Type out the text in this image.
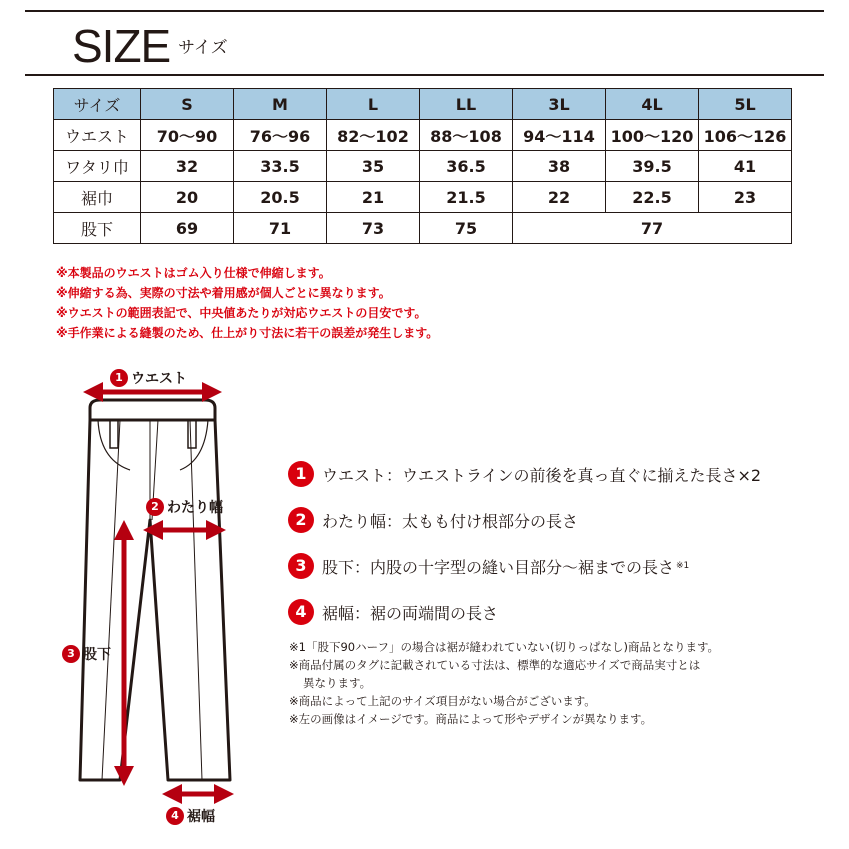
SIZE サイズ
サイズ	S	M	L	LL	3L	4L	5L
ウエスト	70〜90	76〜96	82〜102	88〜108	94〜114	100〜120	106〜126
ワタリ巾	32	33.5	35	36.5	38	39.5	41
裾巾	20	20.5	21	21.5	22	22.5	23
股下	69	71	73	75	77		
※本製品のウエストはゴム入り仕様で伸縮します。
※伸縮する為、実際の寸法や着用感が個人ごとに異なります。
※ウエストの範囲表記で、中央値あたりが対応ウエストの目安です。
※手作業による縫製のため、仕上がり寸法に若干の誤差が発生します。
1 ウエスト
2 わたり幅
3 股下
4 裾幅
1 ウエスト：ウエストラインの前後を真っ直ぐに揃えた長さ×2
2 わたり幅：太もも付け根部分の長さ
3 股下：内股の十字型の縫い目部分〜裾までの長さ ※1
4 裾幅：裾の両端間の長さ
※1「股下90ハーフ」の場合は裾が縫われていない(切りっぱなし)商品となります。
※商品付属のタグに記載されている寸法は、標準的な適応サイズで商品実寸とは
異なります。
※商品によって上記のサイズ項目がない場合がございます。
※左の画像はイメージです。商品によって形やデザインが異なります。
